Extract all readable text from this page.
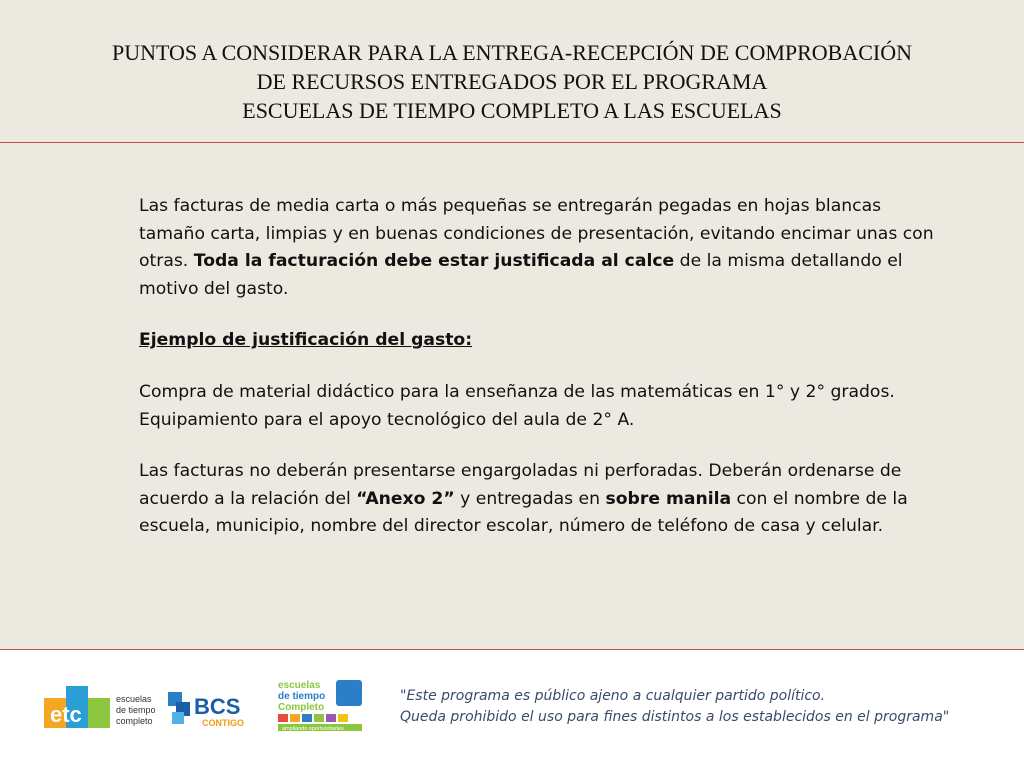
PUNTOS A CONSIDERAR PARA LA ENTREGA-RECEPCIÓN DE COMPROBACIÓN
DE RECURSOS ENTREGADOS POR EL PROGRAMA
ESCUELAS DE TIEMPO COMPLETO A LAS ESCUELAS

Las facturas de media carta o más pequeñas se entregarán pegadas en hojas blancas tamaño carta, limpias y en buenas condiciones de presentación, evitando encimar unas con otras. Toda la facturación debe estar justificada al calce de la misma detallando el motivo del gasto.

Ejemplo de justificación del gasto:

Compra de material didáctico para la enseñanza de las matemáticas en 1° y 2° grados.

Equipamiento para el apoyo tecnológico del aula de 2° A.

Las facturas no deberán presentarse engargoladas ni perforadas. Deberán ordenarse de acuerdo a la relación del “Anexo 2” y entregadas en sobre manila con el nombre de la escuela, municipio, nombre del director escolar, número de teléfono de casa y celular.

etc
escuelas
de tiempo
completo
BCS
CONTIGO
escuelas
de tiempo
Completo
ampliando oportunidades
"Este programa es público ajeno a cualquier partido político.
Queda prohibido el uso para fines distintos a los establecidos en el programa"
